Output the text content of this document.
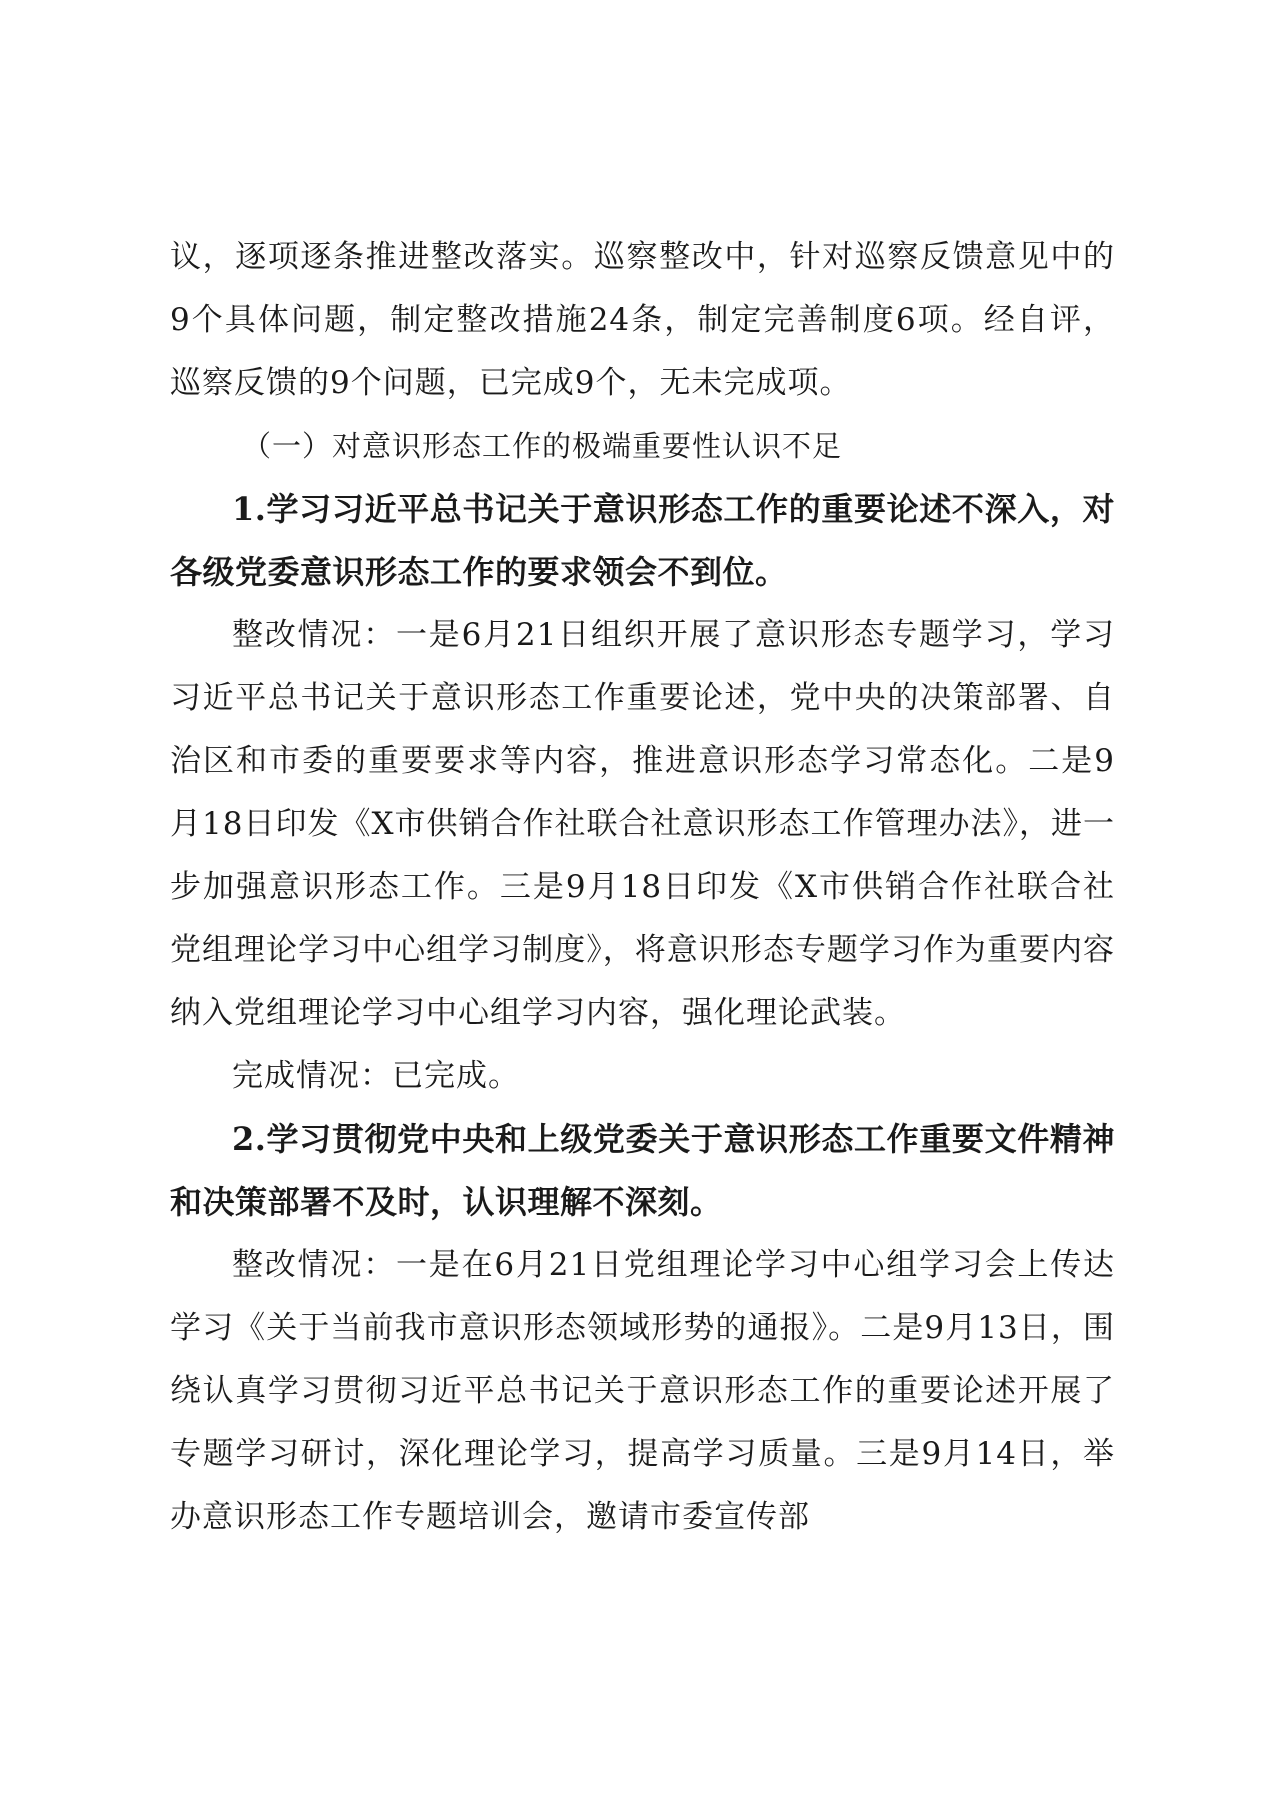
议，逐项逐条推进整改落实。巡察整改中，针对巡察反馈意见中的9个具体问题，制定整改措施24条，制定完善制度6项。经自评，巡察反馈的9个问题，已完成9个，无未完成项。

（一）对意识形态工作的极端重要性认识不足

1.学习习近平总书记关于意识形态工作的重要论述不深入，对各级党委意识形态工作的要求领会不到位。

整改情况：一是6月21日组织开展了意识形态专题学习，学习习近平总书记关于意识形态工作重要论述，党中央的决策部署、自治区和市委的重要要求等内容，推进意识形态学习常态化。二是9月18日印发《X市供销合作社联合社意识形态工作管理办法》，进一步加强意识形态工作。三是9月18日印发《X市供销合作社联合社党组理论学习中心组学习制度》，将意识形态专题学习作为重要内容纳入党组理论学习中心组学习内容，强化理论武装。

完成情况：已完成。

2.学习贯彻党中央和上级党委关于意识形态工作重要文件精神和决策部署不及时，认识理解不深刻。

整改情况：一是在6月21日党组理论学习中心组学习会上传达学习《关于当前我市意识形态领域形势的通报》。二是9月13日，围绕认真学习贯彻习近平总书记关于意识形态工作的重要论述开展了专题学习研讨，深化理论学习，提高学习质量。三是9月14日，举办意识形态工作专题培训会，邀请市委宣传部
